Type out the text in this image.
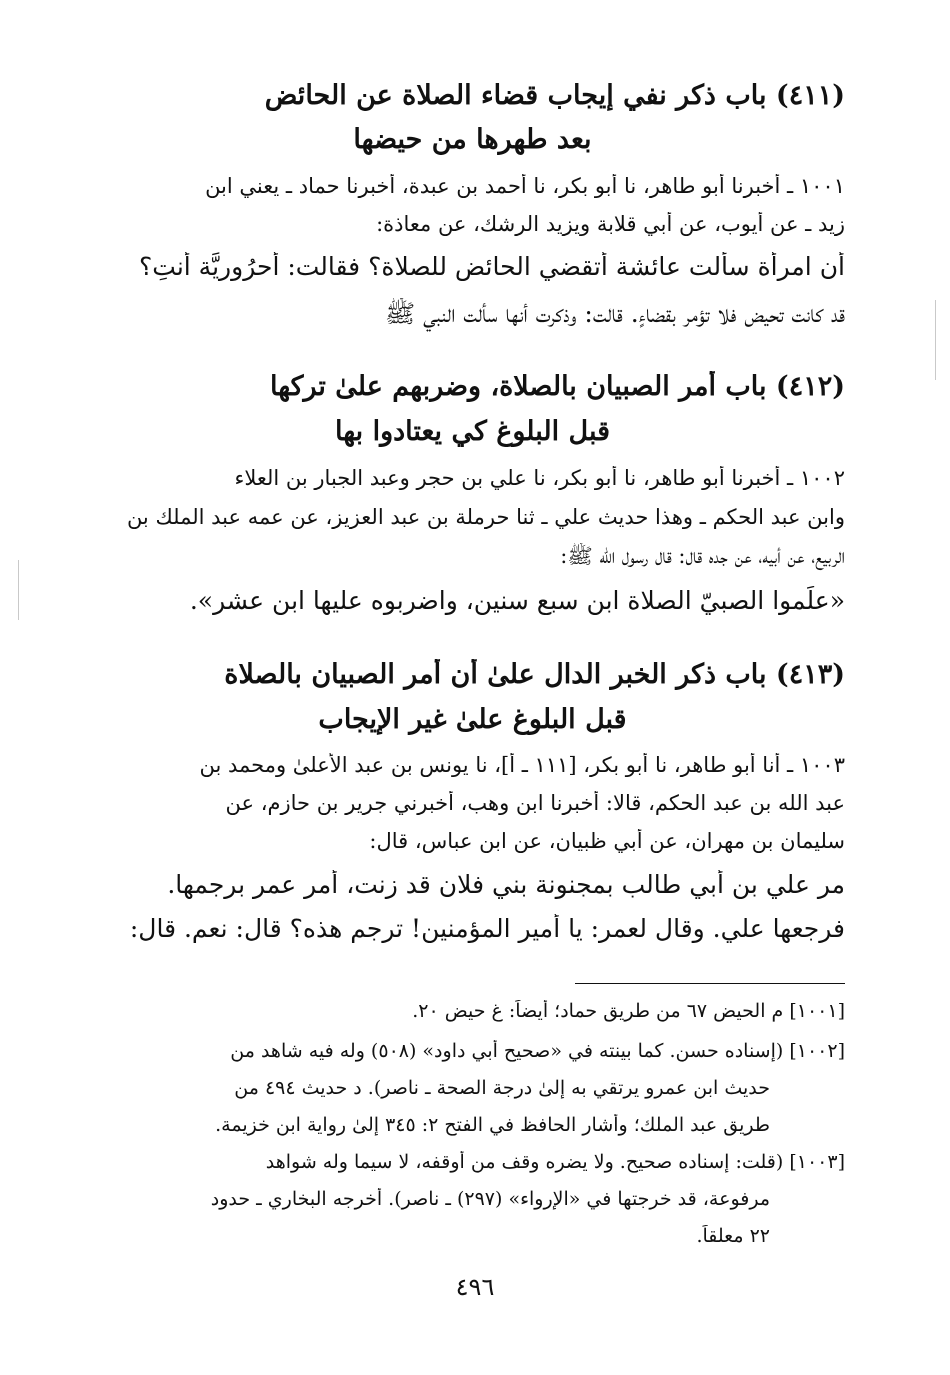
(٤١١) باب ذكر نفي إيجاب قضاء الصلاة عن الحائض
بعد طهرها من حيضها
١٠٠١ ـ أخبرنا أبو طاهر، نا أبو بكر، نا أحمد بن عبدة، أخبرنا حماد ـ يعني ابن
زيد ـ عن أيوب، عن أبي قلابة ويزيد الرشك، عن معاذة:
أن امرأة سألت عائشة أتقضي الحائض للصلاة؟ فقالت: أحرُورِيَّة أنتِ؟
قد كانت تحيض فلا تؤمر بقضاءٍ. قالت: وذكرت أنها سألت النبي ﷺ
(٤١٢) باب أمر الصبيان بالصلاة، وضربهم علىٰ تركها
قبل البلوغ كي يعتادوا بها
١٠٠٢ ـ أخبرنا أبو طاهر، نا أبو بكر، نا علي بن حجر وعبد الجبار بن العلاء
وابن عبد الحكم ـ وهذا حديث علي ـ ثنا حرملة بن عبد العزيز، عن عمه عبد الملك بن
الربيع، عن أبيه، عن جده قال: قال رسول الله ﷺ:
«علِّموا الصبيّ الصلاة ابن سبع سنين، واضربوه عليها ابن عشرٍ».
(٤١٣) باب ذكر الخبر الدال علىٰ أن أمر الصبيان بالصلاة
قبل البلوغ علىٰ غير الإيجاب
١٠٠٣ ـ أنا أبو طاهر، نا أبو بكر، [١١١ ـ أ]، نا يونس بن عبد الأعلىٰ ومحمد بن
عبد الله بن عبد الحكم، قالا: أخبرنا ابن وهب، أخبرني جرير بن حازم، عن
سليمان بن مهران، عن أبي ظبيان، عن ابن عباس، قال:
مر علي بن أبي طالب بمجنونة بني فلان قد زنت، أمر عمر برجمها.
فرجعها علي. وقال لعمر: يا أمير المؤمنين! ترجم هذه؟ قال: نعم. قال:
[١٠٠١] م الحيض ٦٧ من طريق حماد؛ أيضاً: غ حيض ٢٠.
[١٠٠٢] (إسناده حسن. كما بينته في «صحيح أبي داود» (٥٠٨) وله فيه شاهد من
حديث ابن عمرو يرتقي به إلىٰ درجة الصحة ـ ناصر). د حديث ٤٩٤ من
طريق عبد الملك؛ وأشار الحافظ في الفتح ٢: ٣٤٥ إلىٰ رواية ابن خزيمة.
[١٠٠٣] (قلت: إسناده صحيح. ولا يضره وقف من أوقفه، لا سيما وله شواهد
مرفوعة، قد خرجتها في «الإرواء» (٢٩٧) ـ ناصر). أخرجه البخاري ـ حدود
٢٢ معلقاً.
٤٩٦
